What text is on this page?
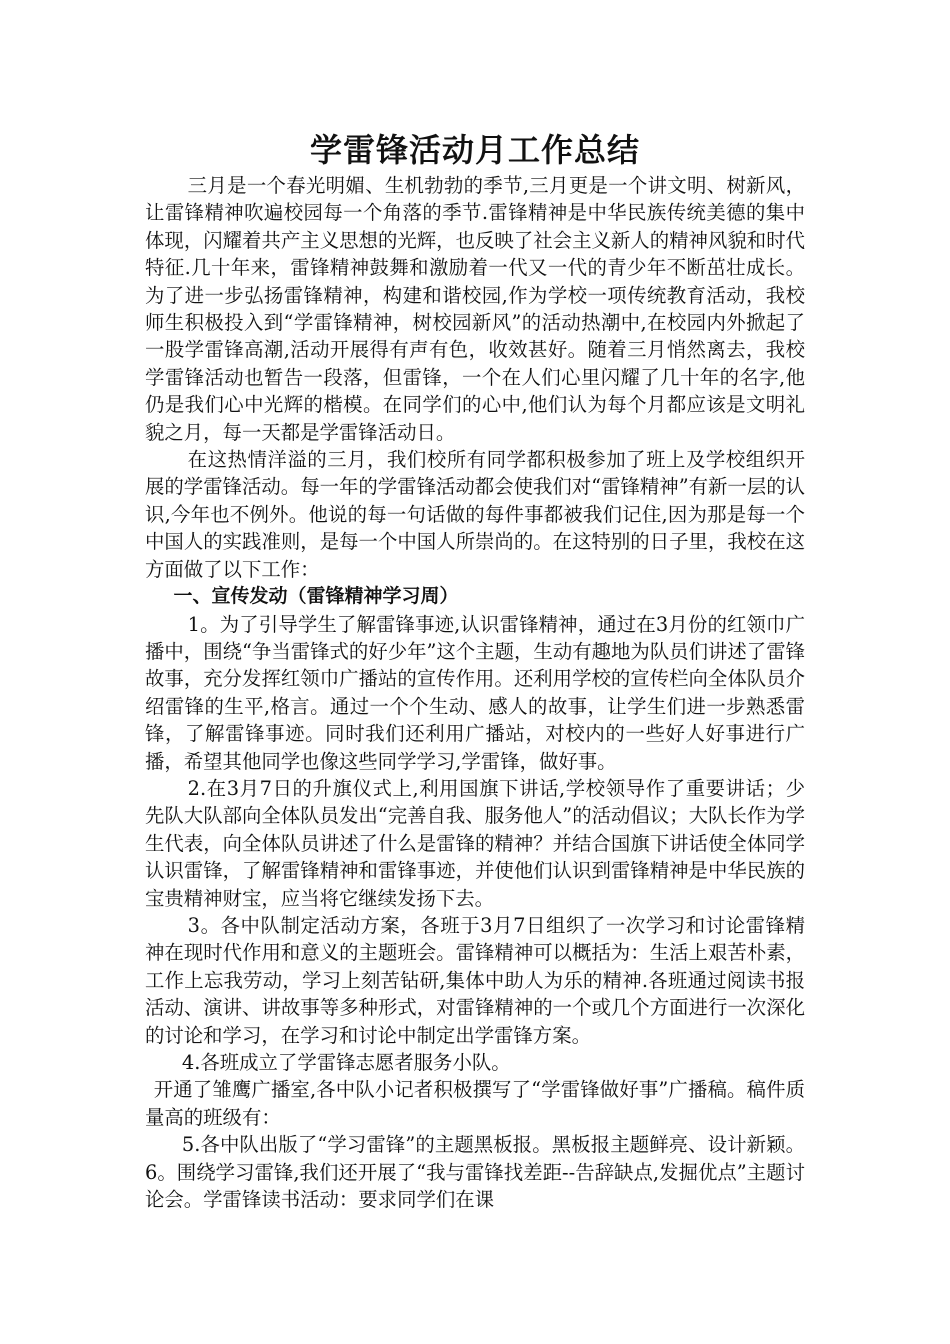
学雷锋活动月工作总结

三月是一个春光明媚、生机勃勃的季节,三月更是一个讲文明、树新风，让雷锋精神吹遍校园每一个角落的季节.雷锋精神是中华民族传统美德的集中体现，闪耀着共产主义思想的光辉，也反映了社会主义新人的精神风貌和时代特征.几十年来，雷锋精神鼓舞和激励着一代又一代的青少年不断茁壮成长。为了进一步弘扬雷锋精神，构建和谐校园,作为学校一项传统教育活动，我校师生积极投入到“学雷锋精神，树校园新风”的活动热潮中,在校园内外掀起了一股学雷锋高潮,活动开展得有声有色，收效甚好。随着三月悄然离去，我校学雷锋活动也暂告一段落，但雷锋，一个在人们心里闪耀了几十年的名字,他仍是我们心中光辉的楷模。在同学们的心中,他们认为每个月都应该是文明礼貌之月，每一天都是学雷锋活动日。

在这热情洋溢的三月，我们校所有同学都积极参加了班上及学校组织开展的学雷锋活动。每一年的学雷锋活动都会使我们对“雷锋精神”有新一层的认识,今年也不例外。他说的每一句话做的每件事都被我们记住,因为那是每一个中国人的实践准则，是每一个中国人所崇尚的。在这特别的日子里，我校在这方面做了以下工作：

一、宣传发动（雷锋精神学习周）

1。为了引导学生了解雷锋事迹,认识雷锋精神，通过在3月份的红领巾广播中，围绕“争当雷锋式的好少年”这个主题，生动有趣地为队员们讲述了雷锋故事，充分发挥红领巾广播站的宣传作用。还利用学校的宣传栏向全体队员介绍雷锋的生平,格言。通过一个个生动、感人的故事，让学生们进一步熟悉雷锋，了解雷锋事迹。同时我们还利用广播站，对校内的一些好人好事进行广播，希望其他同学也像这些同学学习,学雷锋，做好事。

2.在3月7日的升旗仪式上,利用国旗下讲话,学校领导作了重要讲话；少先队大队部向全体队员发出“完善自我、服务他人”的活动倡议；大队长作为学生代表，向全体队员讲述了什么是雷锋的精神？并结合国旗下讲话使全体同学认识雷锋，了解雷锋精神和雷锋事迹，并使他们认识到雷锋精神是中华民族的宝贵精神财宝，应当将它继续发扬下去。

3。各中队制定活动方案，各班于3月7日组织了一次学习和讨论雷锋精神在现时代作用和意义的主题班会。雷锋精神可以概括为：生活上艰苦朴素，工作上忘我劳动，学习上刻苦钻研,集体中助人为乐的精神.各班通过阅读书报活动、演讲、讲故事等多种形式，对雷锋精神的一个或几个方面进行一次深化的讨论和学习，在学习和讨论中制定出学雷锋方案。

4.各班成立了学雷锋志愿者服务小队。

开通了雏鹰广播室,各中队小记者积极撰写了“学雷锋做好事”广播稿。稿件质量高的班级有：

5.各中队出版了“学习雷锋”的主题黑板报。黑板报主题鲜亮、设计新颖。6。围绕学习雷锋,我们还开展了“我与雷锋找差距--告辞缺点,发掘优点”主题讨论会。学雷锋读书活动：要求同学们在课
